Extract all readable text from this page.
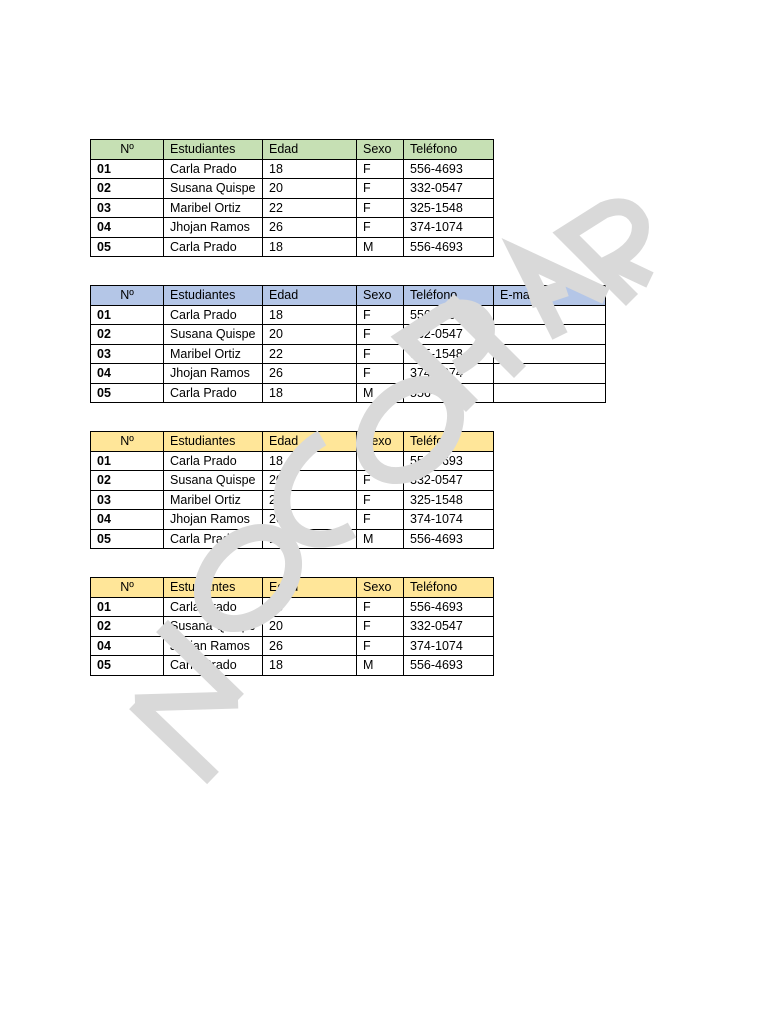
Nº	Estudiantes	Edad	Sexo	Teléfono
01	Carla Prado	18	F	556-4693
02	Susana Quispe	20	F	332-0547
03	Maribel Ortiz	22	F	325-1548
04	Jhojan Ramos	26	F	374-1074
05	Carla Prado	18	M	556-4693
Nº	Estudiantes	Edad	Sexo	Teléfono	E-mail
01	Carla Prado	18	F	556-4693	
02	Susana Quispe	20	F	332-0547	
03	Maribel Ortiz	22	F	325-1548	
04	Jhojan Ramos	26	F	374-1074	
05	Carla Prado	18	M	556-4693	
Nº	Estudiantes	Edad	Sexo	Teléfono
01	Carla Prado	18	F	556-4693
02	Susana Quispe	20	F	332-0547
03	Maribel Ortiz	22	F	325-1548
04	Jhojan Ramos	26	F	374-1074
05	Carla Prado	18	M	556-4693
Nº	Estudiantes	Edad	Sexo	Teléfono
01	Carla Prado	18	F	556-4693
02	Susana Quispe	20	F	332-0547
04	Jhojan Ramos	26	F	374-1074
05	Carla Prado	18	M	556-4693
